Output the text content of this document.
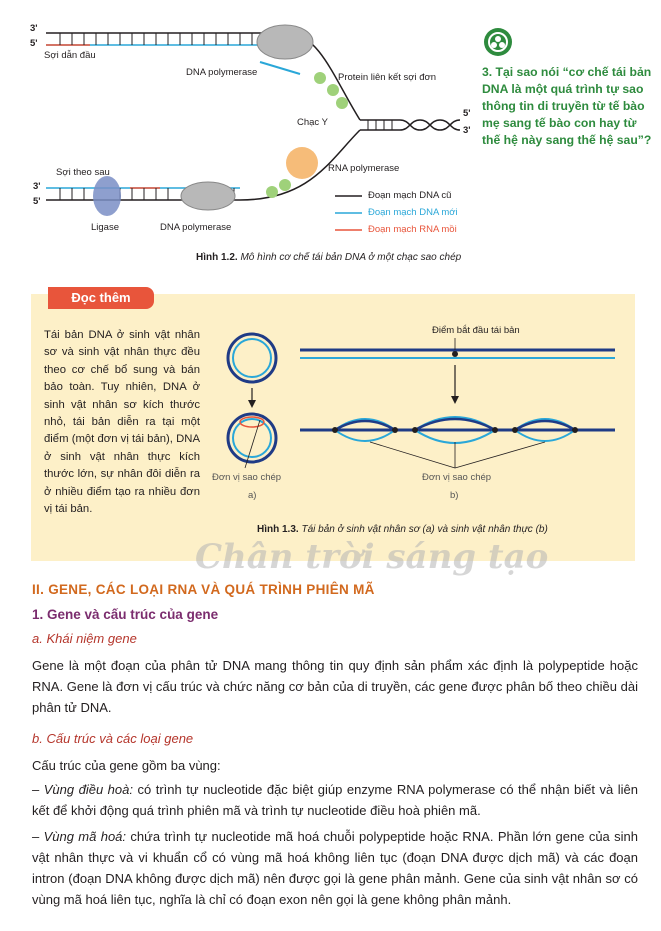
3'
5'
Sợi dẫn đầu
DNA polymerase	Protein liên kết sợi đơn
Chạc Y
5'
3'
Sợi theo sau	RNA polymerase
3'
5'
Ligase	DNA polymerase
Đoạn mạch DNA cũ
Đoạn mạch DNA mới
Đoạn mạch RNA mồi
Hình 1.2. Mô hình cơ chế tái bản DNA ở một chạc sao chép
3. Tại sao nói “cơ chế tái bản DNA là một quá trình tự sao thông tin di truyền từ tế bào mẹ sang tế bào con hay từ thế hệ này sang thế hệ sau”?
Đọc thêm
Tái bản DNA ở sinh vật nhân sơ và sinh vật nhân thực đều theo cơ chế bổ sung và bán bảo toàn. Tuy nhiên, DNA ở sinh vật nhân sơ kích thước nhỏ, tái bản diễn ra tại một điểm (một đơn vị tái bản), DNA ở sinh vật nhân thực kích thước lớn, sự nhân đôi diễn ra ở nhiều điểm tạo ra nhiều đơn vị tái bản.
Điểm bắt đầu tái bản
Đơn vị sao chép
a)
Đơn vị sao chép
b)
Hình 1.3. Tái bản ở sinh vật nhân sơ (a) và sinh vật nhân thực (b)
Chân trời sáng tạo
II. GENE, CÁC LOẠI RNA VÀ QUÁ TRÌNH PHIÊN MÃ
1. Gene và cấu trúc của gene
a. Khái niệm gene
Gene là một đoạn của phân tử DNA mang thông tin quy định sản phẩm xác định là polypeptide hoặc RNA. Gene là đơn vị cấu trúc và chức năng cơ bản của di truyền, các gene được phân bố theo chiều dài phân tử DNA.
b. Cấu trúc và các loại gene
Cấu trúc của gene gồm ba vùng:
– Vùng điều hoà: có trình tự nucleotide đặc biệt giúp enzyme RNA polymerase có thể nhận biết và liên kết để khởi động quá trình phiên mã và trình tự nucleotide điều hoà phiên mã.
– Vùng mã hoá: chứa trình tự nucleotide mã hoá chuỗi polypeptide hoặc RNA. Phần lớn gene của sinh vật nhân thực và vi khuẩn cổ có vùng mã hoá không liên tục (đoạn DNA được dịch mã) và các đoạn intron (đoạn DNA không được dịch mã) nên được gọi là gene phân mảnh. Gene của sinh vật nhân sơ có vùng mã hoá liên tục, nghĩa là chỉ có đoạn exon nên gọi là gene không phân mảnh.
